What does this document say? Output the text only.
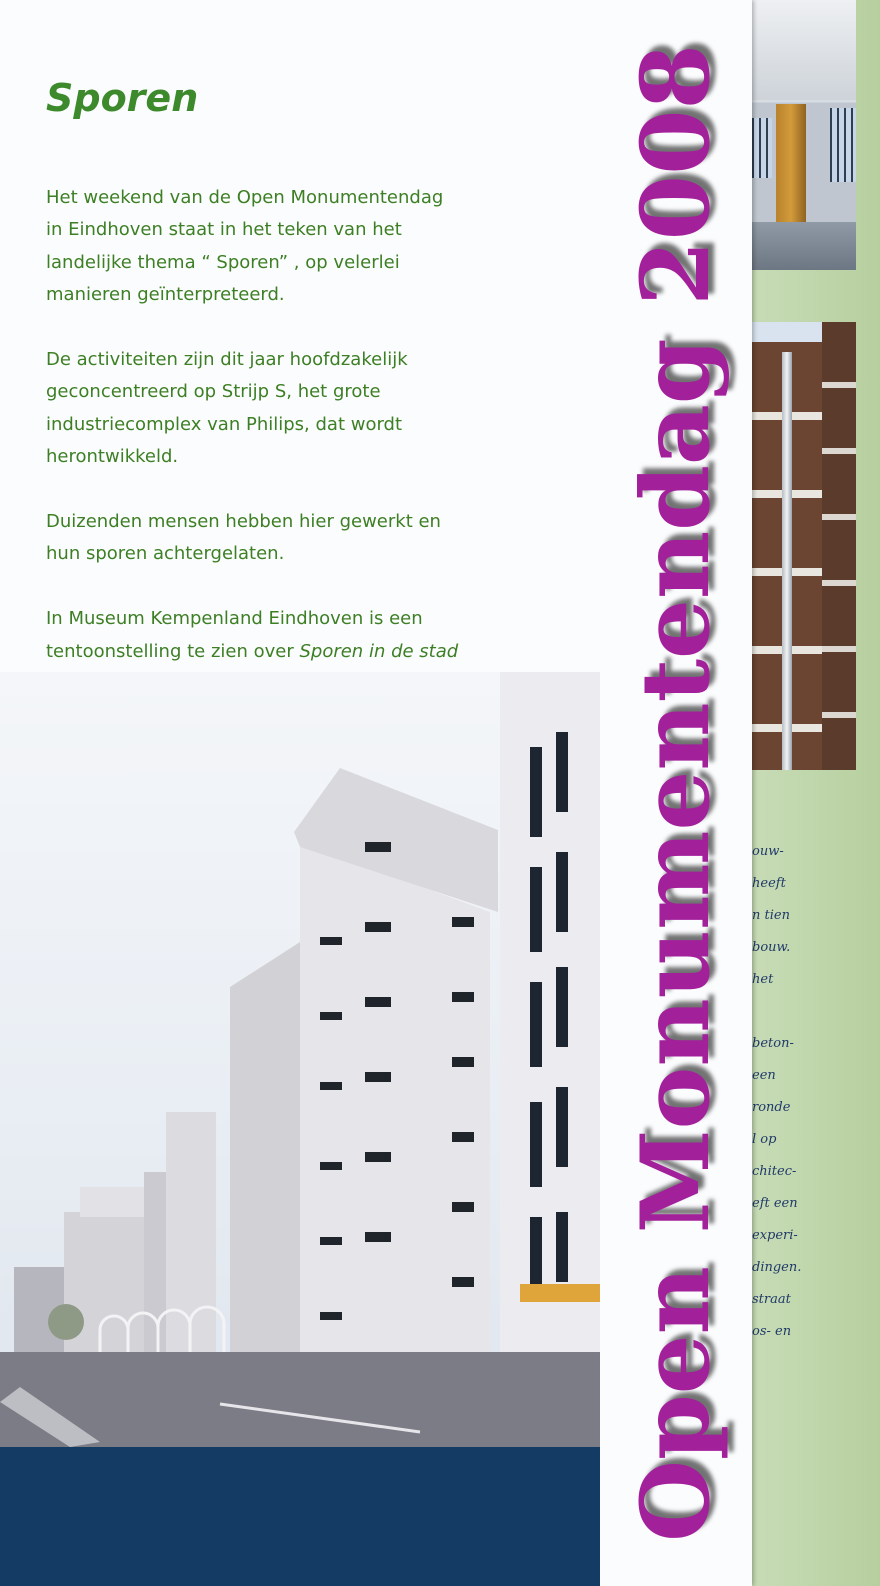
ouw-
heeft
n tien
bouw.
het
beton-
een
ronde
l op
chitec-
eft een
experi-
dingen.
straat
os- en
Sporen

Het weekend van de Open Monumentendag
in Eindhoven staat in het teken van het
landelijke thema “ Sporen” , op velerlei
manieren geïnterpreteerd.

De activiteiten zijn dit jaar hoofdzakelijk
geconcentreerd op Strijp S, het grote
industriecomplex van Philips, dat wordt
herontwikkeld.

Duizenden mensen hebben hier gewerkt en
hun sporen achtergelaten.

In Museum Kempenland Eindhoven is een
tentoonstelling te zien over Sporen in de stad	Open Monumentendag 2008
